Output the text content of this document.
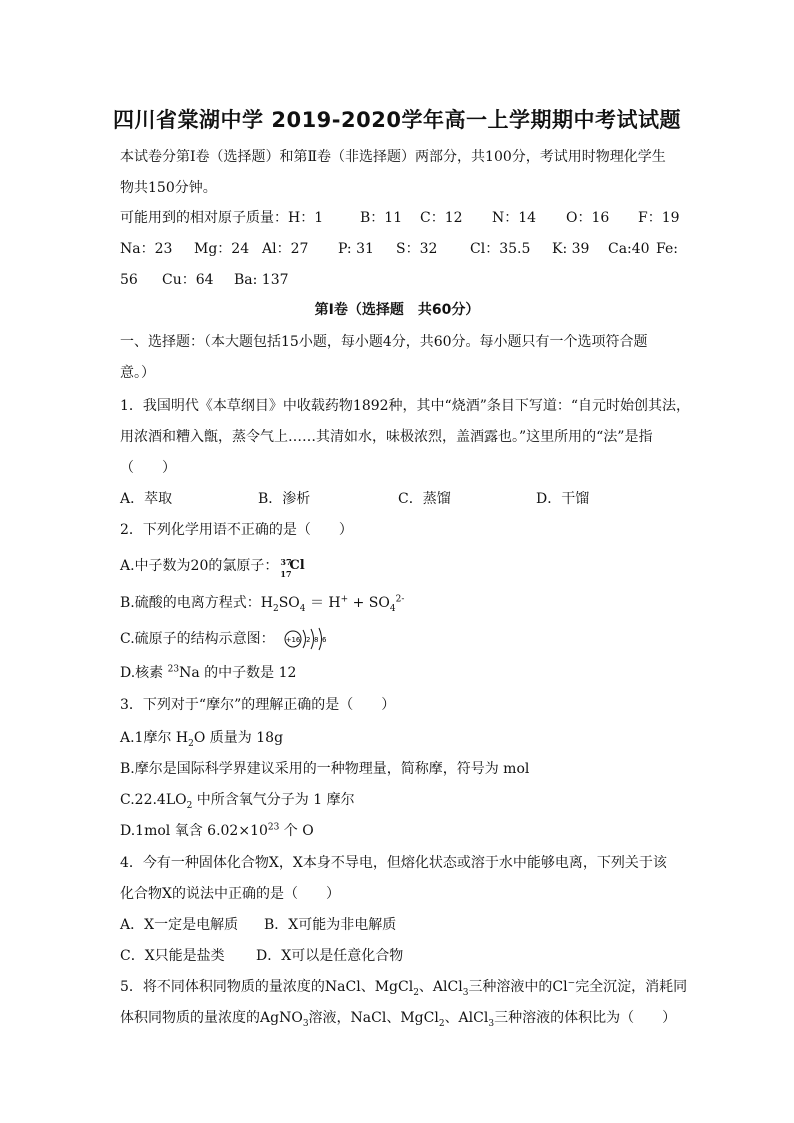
四川省棠湖中学 2019-2020学年高一上学期期中考试试题
本试卷分第Ⅰ卷（选择题）和第Ⅱ卷（非选择题）两部分，共100分，考试用时物理化学生
物共150分钟。
可能用到的相对原子质量： H：1	B：11 C：12 N：14 O：16 F：19
Na：23 Mg：24 Al：27 P: 31 S：32 Cl：35.5 K: 39 Ca:40 Fe:
56 Cu：64 Ba: 137
第Ⅰ卷（选择题　共60分）
一、选择题：（本大题包括15小题，每小题4分，共60分。每小题只有一个选项符合题
意。）
1．我国明代《本草纲目》中收载药物1892种，其中“烧酒”条目下写道：“自元时始创其法，
用浓酒和糟入甑，蒸令气上……其清如水，味极浓烈，盖酒露也。”这里所用的“法”是指
（　　）
A．萃取	B．渗析	C．蒸馏	D．干馏
2．下列化学用语不正确的是（　　）
A.中子数为20的氯原子： 37
17
Cl
B.硫酸的电离方程式：$H_2SO_4 = H^+ + SO_4^{2-}$
C.硫原子的结构示意图： +16 2 8 6
D.核素 $^{23}$Na 的中子数是 12
3．下列对于“摩尔”的理解正确的是（　　）
A.1摩尔 $H_2O$ 质量为 18g
B.摩尔是国际科学界建议采用的一种物理量，简称摩，符号为 mol
$C.22.4LO_2$ 中所含氧气分子为 1 摩尔
D.1mol 氧含 $6.02\times 10^{23}$ 个 O
4．今有一种固体化合物X，X本身不导电，但熔化状态或溶于水中能够电离，下列关于该
化合物X的说法中正确的是（　　）
A．X一定是电解质 B．X可能为非电解质
C．X只能是盐类 D．X可以是任意化合物
5．将不同体积同物质的量浓度的NaCl、MgCl$_2$、AlCl$_3$三种溶液中的Cl−完全沉淀，消耗同
体积同物质的量浓度的AgNO$_3$溶液，NaCl、MgCl$_2$、AlCl$_3$三种溶液的体积比为（　　）
